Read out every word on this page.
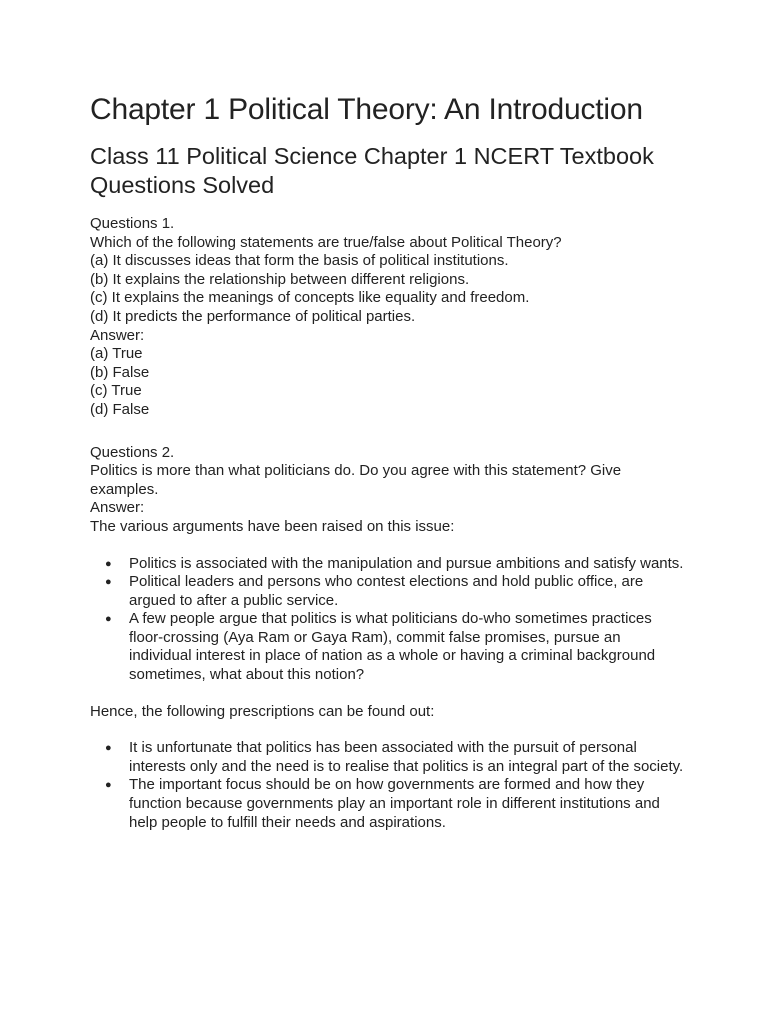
Chapter 1 Political Theory: An Introduction
Class 11 Political Science Chapter 1 NCERT Textbook Questions Solved
Questions 1.
Which of the following statements are true/false about Political Theory?
(a) It discusses ideas that form the basis of political institutions.
(b) It explains the relationship between different religions.
(c) It explains the meanings of concepts like equality and freedom.
(d) It predicts the performance of political parties.
Answer:
(a) True
(b) False
(c) True
(d) False
Questions 2.
Politics is more than what politicians do. Do you agree with this statement? Give examples.
Answer:
The various arguments have been raised on this issue:
● Politics is associated with the manipulation and pursue ambitions and satisfy wants.
● Political leaders and persons who contest elections and hold public office, are argued to after a public service.
● A few people argue that politics is what politicians do-who sometimes practices floor-crossing (Aya Ram or Gaya Ram), commit false promises, pursue an individual interest in place of nation as a whole or having a criminal background sometimes, what about this notion?
Hence, the following prescriptions can be found out:
● It is unfortunate that politics has been associated with the pursuit of personal interests only and the need is to realise that politics is an integral part of the society.
● The important focus should be on how governments are formed and how they function because governments play an important role in different institutions and help people to fulfill their needs and aspirations.
